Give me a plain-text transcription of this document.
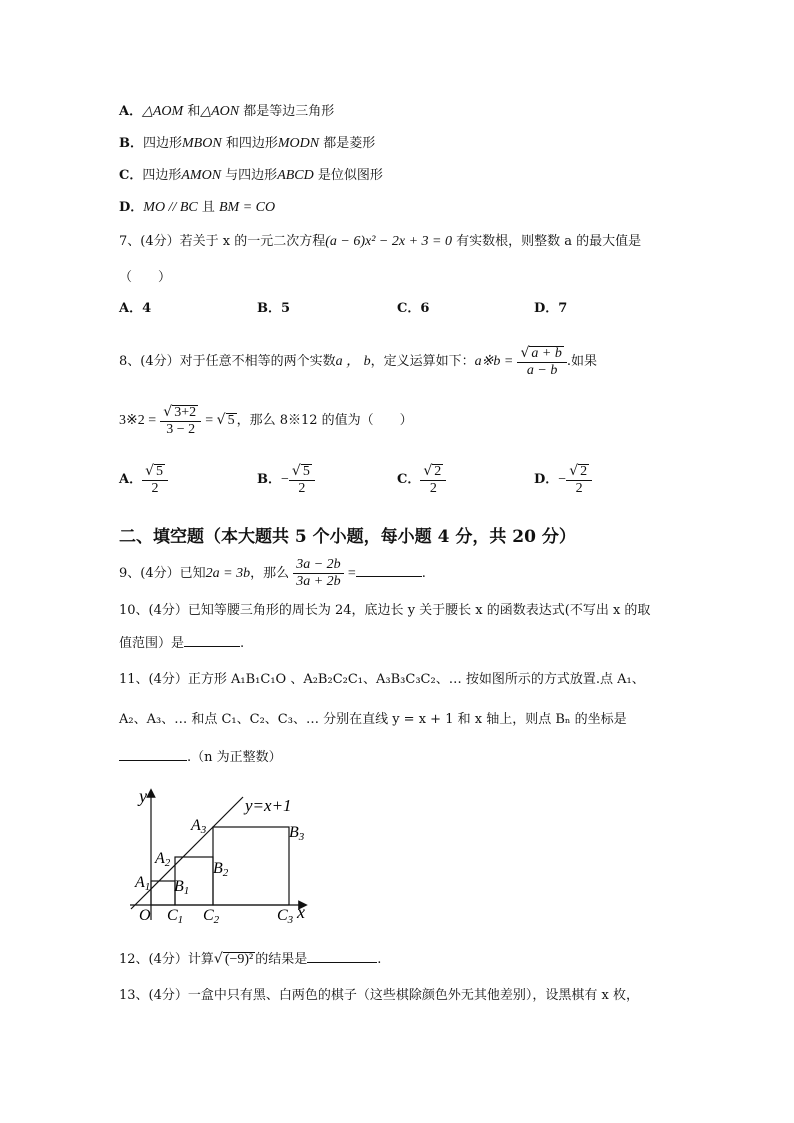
A．△AOM 和△AON 都是等边三角形
B．四边形MBON 和四边形MODN 都是菱形
C．四边形AMON 与四边形ABCD 是位似图形
D．MO // BC 且 BM = CO
7、(4分）若关于 x 的一元二次方程(a − 6)x² − 2x + 3 = 0 有实数根，则整数 a 的最大值是
（　　）
A．4	B．5	C．6	D．7
8、(4分）对于任意不相等的两个实数a ， b，定义运算如下：a※b = $\frac{√ a + b}{a - b}$ .如果
3※2 = $\frac{√ 3+2}{3 - 2}$ = √ 5 ，那么 8※12 的值为（　　）
A． $\frac{√ 5}{2}$	B．− $\frac{√ 5}{2}$	C． $\frac{√ 2}{2}$	D．− $\frac{√ 2}{2}$
二、填空题（本大题共 5 个小题，每小题 4 分，共 20 分）
9、(4分）已知2a = 3b，那么 $\frac{3a - 2b}{3a + 2b}$ =	.
10、(4分）已知等腰三角形的周长为 24，底边长 y 关于腰长 x 的函数表达式(不写出 x 的取
值范围）是	.
11、(4分）正方形 A₁B₁C₁O 、A₂B₂C₂C₁、A₃B₃C₃C₂、… 按如图所示的方式放置.点 A₁、
A₂、A₃、… 和点 C₁、C₂、C₃、… 分别在直线 y = x + 1 和 x 轴上，则点 Bₙ 的坐标是
.（n 为正整数）
y
x
y=x+1
O
A1
A2
A3
B1
B2
B3
C1 C2	C3
12、(4分）计算√ (−9)² 的结果是	.
13、(4分）一盒中只有黑、白两色的棋子（这些棋除颜色外无其他差别），设黑棋有 x 枚，
